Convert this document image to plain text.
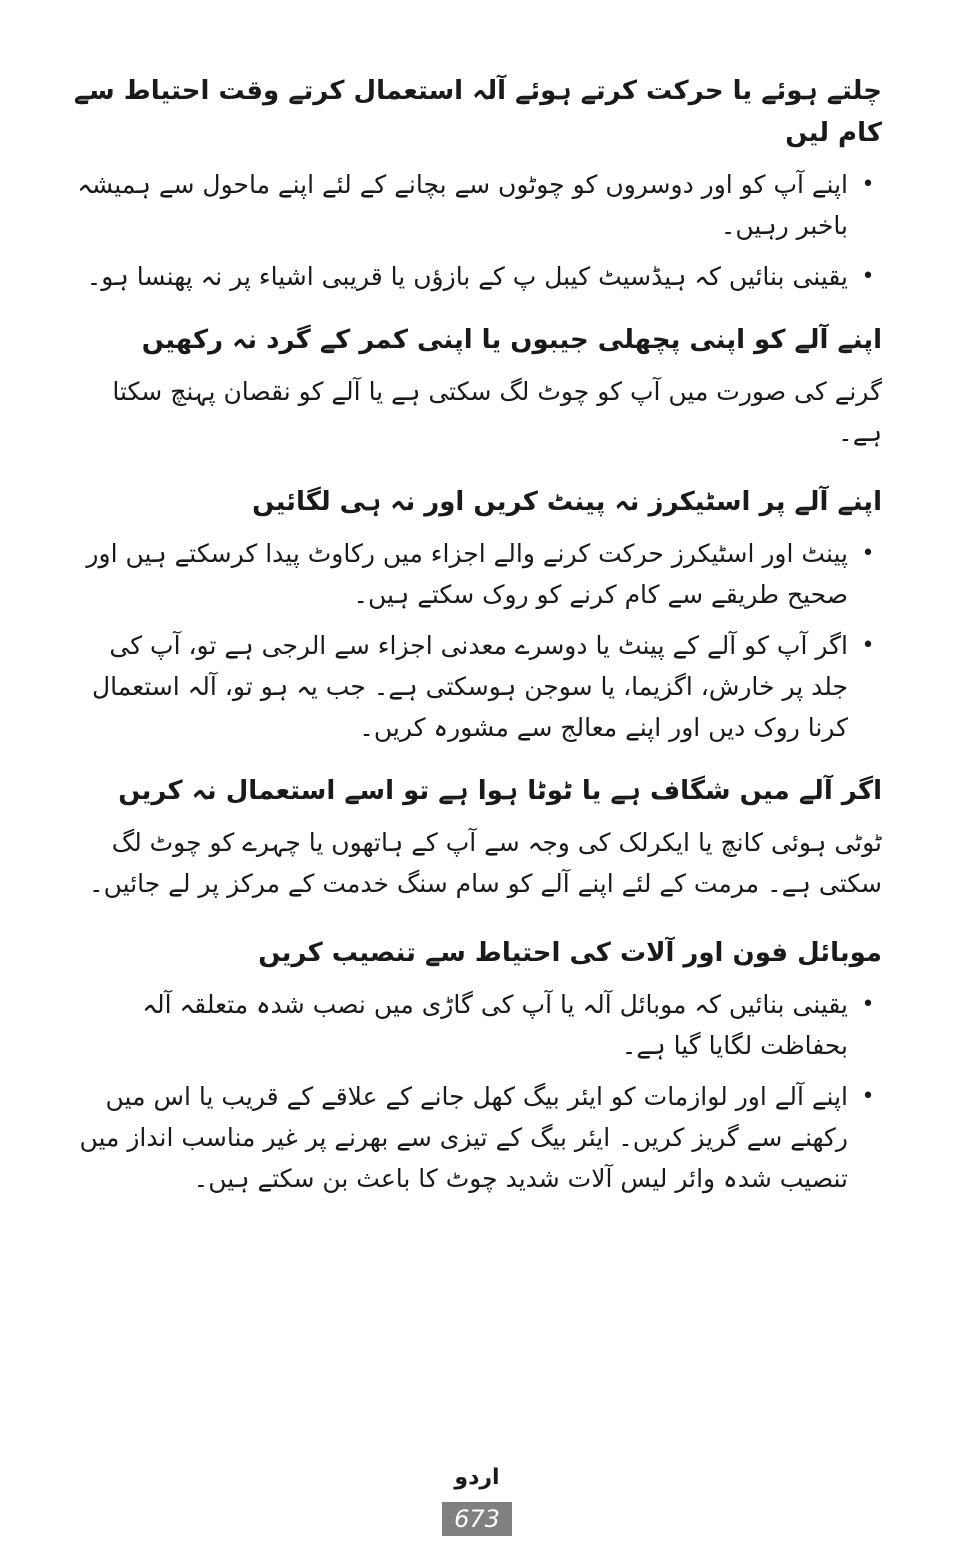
چلتے ہوئے یا حرکت کرتے ہوئے آلہ استعمال کرتے وقت احتیاط سے کام لیں
•
اپنے آپ کو اور دوسروں کو چوٹوں سے بچانے کے لئے اپنے ماحول سے ہمیشہ باخبر رہیں۔
•
یقینی بنائیں کہ ہیڈسیٹ کیبل پ کے بازؤں یا قریبی اشیاء پر نہ پھنسا ہو۔
اپنے آلے کو اپنی پچھلی جیبوں یا اپنی کمر کے گرد نہ رکھیں

گرنے کی صورت میں آپ کو چوٹ لگ سکتی ہے یا آلے کو نقصان پہنچ سکتا ہے۔

اپنے آلے پر اسٹیکرز نہ پینٹ کریں اور نہ ہی لگائیں
•
پینٹ اور اسٹیکرز حرکت کرنے والے اجزاء میں رکاوٹ پیدا کرسکتے ہیں اور صحیح طریقے سے کام کرنے کو روک سکتے ہیں۔
•
اگر آپ کو آلے کے پینٹ یا دوسرے معدنی اجزاء سے الرجی ہے تو، آپ کی جلد پر خارش، اگزیما، یا سوجن ہوسکتی ہے۔ جب یہ ہو تو، آلہ استعمال کرنا روک دیں اور اپنے معالج سے مشورہ کریں۔
اگر آلے میں شگاف ہے یا ٹوٹا ہوا ہے تو اسے استعمال نہ کریں

ٹوٹی ہوئی کانچ یا ایکرلک کی وجہ سے آپ کے ہاتھوں یا چہرے کو چوٹ لگ سکتی ہے۔ مرمت کے لئے اپنے آلے کو سام سنگ خدمت کے مرکز پر لے جائیں۔

موبائل فون اور آلات کی احتیاط سے تنصیب کریں
•
یقینی بنائیں کہ موبائل آلہ یا آپ کی گاڑی میں نصب شدہ متعلقہ آلہ بحفاظت لگایا گیا ہے۔
•
اپنے آلے اور لوازمات کو ایئر بیگ کھل جانے کے علاقے کے قریب یا اس میں رکھنے سے گریز کریں۔ ایئر بیگ کے تیزی سے بھرنے پر غیر مناسب انداز میں تنصیب شدہ وائر لیس آلات شدید چوٹ کا باعث بن سکتے ہیں۔
اردو
673
